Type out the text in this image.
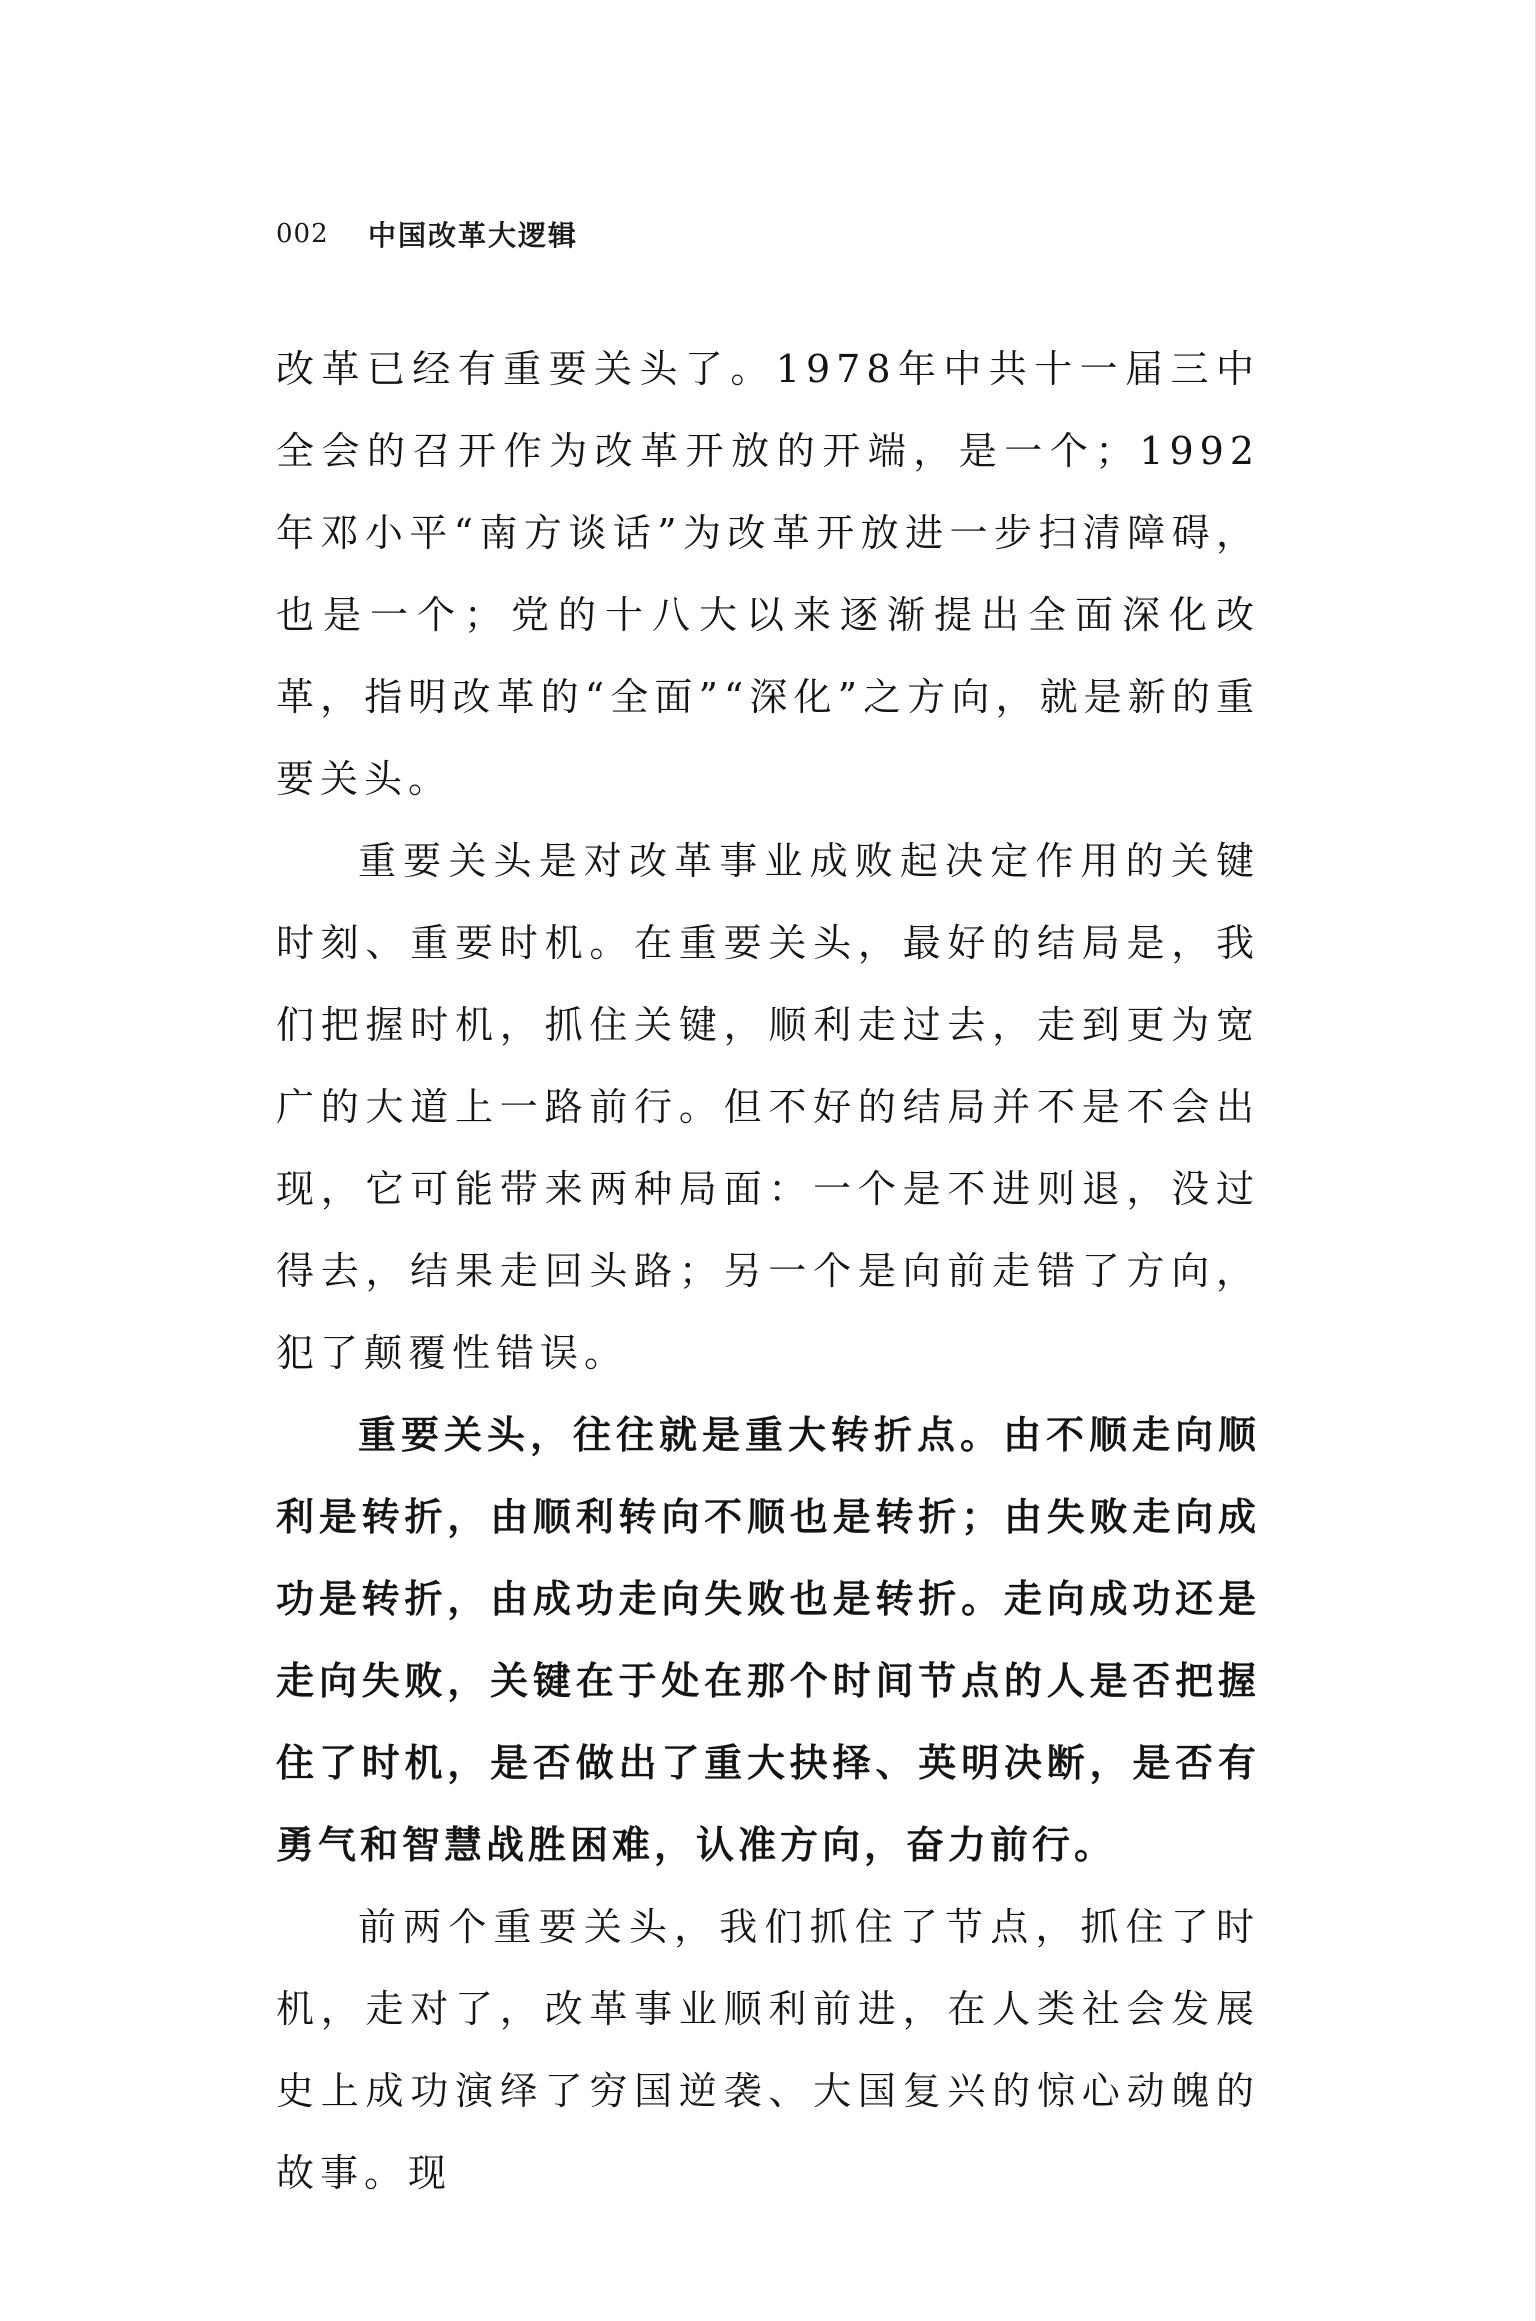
002	中国改革大逻辑

改革已经有重要关头了。1978年中共十一届三中全会的召开作为改革开放的开端，是一个；1992年邓小平“南方谈话”为改革开放进一步扫清障碍，也是一个；党的十八大以来逐渐提出全面深化改革，指明改革的“全面”“深化”之方向，就是新的重要关头。

重要关头是对改革事业成败起决定作用的关键时刻、重要时机。在重要关头，最好的结局是，我们把握时机，抓住关键，顺利走过去，走到更为宽广的大道上一路前行。但不好的结局并不是不会出现，它可能带来两种局面：一个是不进则退，没过得去，结果走回头路；另一个是向前走错了方向，犯了颠覆性错误。

重要关头，往往就是重大转折点。由不顺走向顺利是转折，由顺利转向不顺也是转折；由失败走向成功是转折，由成功走向失败也是转折。走向成功还是走向失败，关键在于处在那个时间节点的人是否把握住了时机，是否做出了重大抉择、英明决断，是否有勇气和智慧战胜困难，认准方向，奋力前行。

前两个重要关头，我们抓住了节点，抓住了时机，走对了，改革事业顺利前进，在人类社会发展史上成功演绎了穷国逆袭、大国复兴的惊心动魄的故事。现
